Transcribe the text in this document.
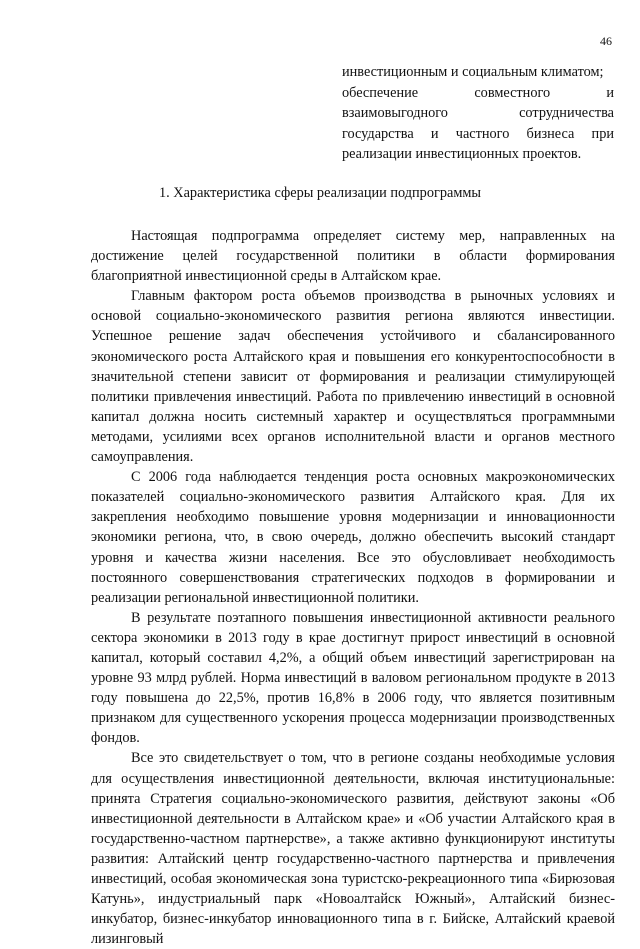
46
инвестиционным и социальным климатом;
обеспечение совместного и взаимовыгодного сотрудничества государства и частного бизнеса при реализации инвестиционных проектов.
1. Характеристика сферы реализации подпрограммы

Настоящая подпрограмма определяет систему мер, направленных на достижение целей государственной политики в области формирования благоприятной инвестиционной среды в Алтайском крае.

Главным фактором роста объемов производства в рыночных условиях и основой социально-экономического развития региона являются инвестиции. Успешное решение задач обеспечения устойчивого и сбалансированного экономического роста Алтайского края и повышения его конкурентоспособности в значительной степени зависит от формирования и реализации стимулирующей политики привлечения инвестиций. Работа по привлечению инвестиций в основной капитал должна носить системный характер и осуществляться программными методами, усилиями всех органов исполнительной власти и органов местного самоуправления.

С 2006 года наблюдается тенденция роста основных макроэкономических показателей социально-экономического развития Алтайского края. Для их закрепления необходимо повышение уровня модернизации и инновационности экономики региона, что, в свою очередь, должно обеспечить высокий стандарт уровня и качества жизни населения. Все это обусловливает необходимость постоянного совершенствования стратегических подходов в формировании и реализации региональной инвестиционной политики.

В результате поэтапного повышения инвестиционной активности реального сектора экономики в 2013 году в крае достигнут прирост инвестиций в основной капитал, который составил 4,2%, а общий объем инвестиций зарегистрирован на уровне 93 млрд рублей. Норма инвестиций в валовом региональном продукте в 2013 году повышена до 22,5%, против 16,8% в 2006 году, что является позитивным признаком для существенного ускорения процесса модернизации производственных фондов.

Все это свидетельствует о том, что в регионе созданы необходимые условия для осуществления инвестиционной деятельности, включая институциональные: принята Стратегия социально-экономического развития, действуют законы «Об инвестиционной деятельности в Алтайском крае» и «Об участии Алтайского края в государственно-частном партнерстве», а также активно функционируют институты развития: Алтайский центр государственно-частного партнерства и привлечения инвестиций, особая экономическая зона туристско-рекреационного типа «Бирюзовая Катунь», индустриальный парк «Новоалтайск Южный», Алтайский бизнес-инкубатор, бизнес-инкубатор инновационного типа в г. Бийске, Алтайский краевой лизинговый
